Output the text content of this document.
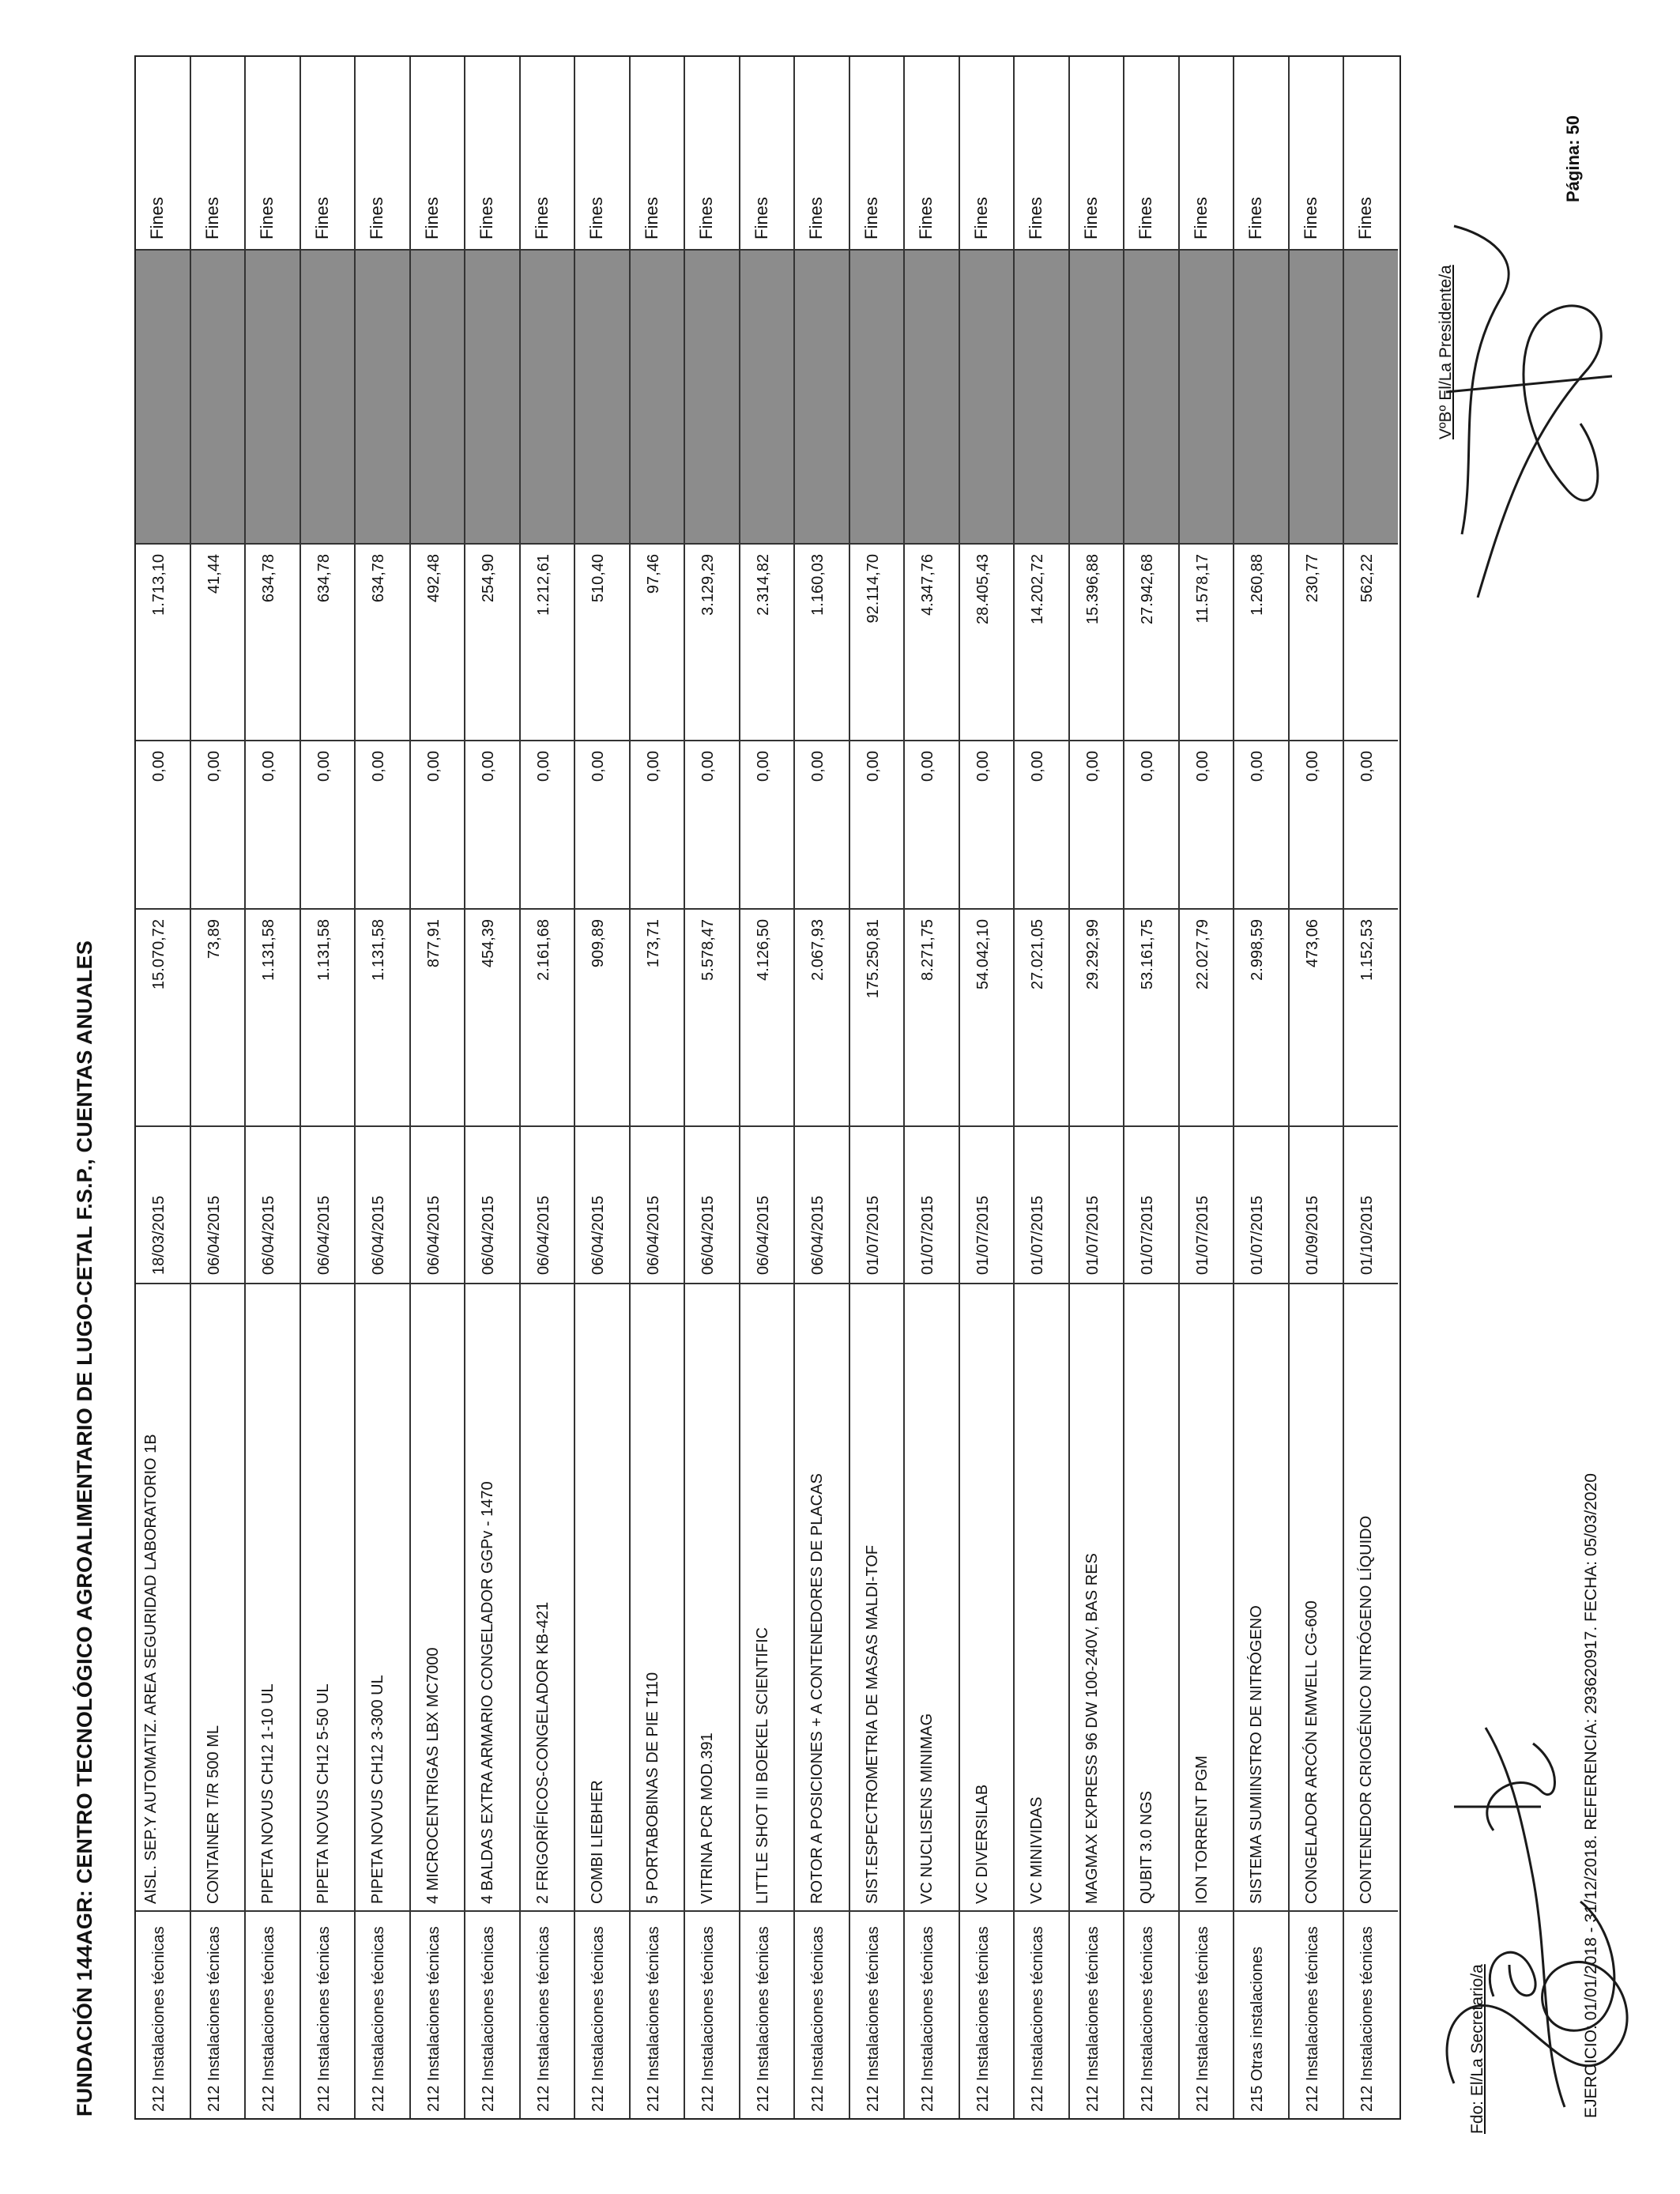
FUNDACIÓN 144AGR: CENTRO TECNOLÓGICO AGROALIMENTARIO DE LUGO-CETAL F.S.P., CUENTAS ANUALES	212 Instalaciones técnicas
AISL. SEP.Y AUTOMATIZ. AREA SEGURIDAD LABORATORIO 1B
18/03/2015
15.070,72
0,00
1.713,10
Fines
212 Instalaciones técnicas
CONTAINER T/R 500 ML
06/04/2015
73,89
0,00
41,44
Fines
212 Instalaciones técnicas
PIPETA NOVUS CH12 1-10 UL
06/04/2015
1.131,58
0,00
634,78
Fines
212 Instalaciones técnicas
PIPETA NOVUS CH12 5-50 UL
06/04/2015
1.131,58
0,00
634,78
Fines
212 Instalaciones técnicas
PIPETA NOVUS CH12 3-300 UL
06/04/2015
1.131,58
0,00
634,78
Fines
212 Instalaciones técnicas
4 MICROCENTRIGAS LBX MC7000
06/04/2015
877,91
0,00
492,48
Fines
212 Instalaciones técnicas
4 BALDAS EXTRA ARMARIO CONGELADOR GGPv - 1470
06/04/2015
454,39
0,00
254,90
Fines
212 Instalaciones técnicas
2 FRIGORÍFICOS-CONGELADOR KB-421
06/04/2015
2.161,68
0,00
1.212,61
Fines
212 Instalaciones técnicas
COMBI LIEBHER
06/04/2015
909,89
0,00
510,40
Fines
212 Instalaciones técnicas
5 PORTABOBINAS DE PIE T110
06/04/2015
173,71
0,00
97,46
Fines
212 Instalaciones técnicas
VITRINA PCR MOD.391
06/04/2015
5.578,47
0,00
3.129,29
Fines
212 Instalaciones técnicas
LITTLE SHOT III BOEKEL SCIENTIFIC
06/04/2015
4.126,50
0,00
2.314,82
Fines
212 Instalaciones técnicas
ROTOR A POSICIONES + A CONTENEDORES DE PLACAS
06/04/2015
2.067,93
0,00
1.160,03
Fines
212 Instalaciones técnicas
SIST.ESPECTROMETRIA DE MASAS MALDI-TOF
01/07/2015
175.250,81
0,00
92.114,70
Fines
212 Instalaciones técnicas
VC NUCLISENS MINIMAG
01/07/2015
8.271,75
0,00
4.347,76
Fines
212 Instalaciones técnicas
VC DIVERSILAB
01/07/2015
54.042,10
0,00
28.405,43
Fines
212 Instalaciones técnicas
VC MINIVIDAS
01/07/2015
27.021,05
0,00
14.202,72
Fines
212 Instalaciones técnicas
MAGMAX EXPRESS 96 DW 100-240V, BAS RES
01/07/2015
29.292,99
0,00
15.396,88
Fines
212 Instalaciones técnicas
QUBIT 3.0 NGS
01/07/2015
53.161,75
0,00
27.942,68
Fines
212 Instalaciones técnicas
ION TORRENT PGM
01/07/2015
22.027,79
0,00
11.578,17
Fines
215 Otras instalaciones
SISTEMA SUMIINSTRO DE NITRÓGENO
01/07/2015
2.998,59
0,00
1.260,88
Fines
212 Instalaciones técnicas
CONGELADOR ARCÓN EMWELL CG-600
01/09/2015
473,06
0,00
230,77
Fines
212 Instalaciones técnicas
CONTENEDOR CRIOGÉNICO NITRÓGENO LÍQUIDO
01/10/2015
1.152,53
0,00
562,22
Fines
Fdo: El/La Secretario/a
VºBº El/La Presidente/a
EJERCICIO: 01/01/2018 - 31/12/2018. REFERENCIA: 293620917. FECHA: 05/03/2020
Página: 50
